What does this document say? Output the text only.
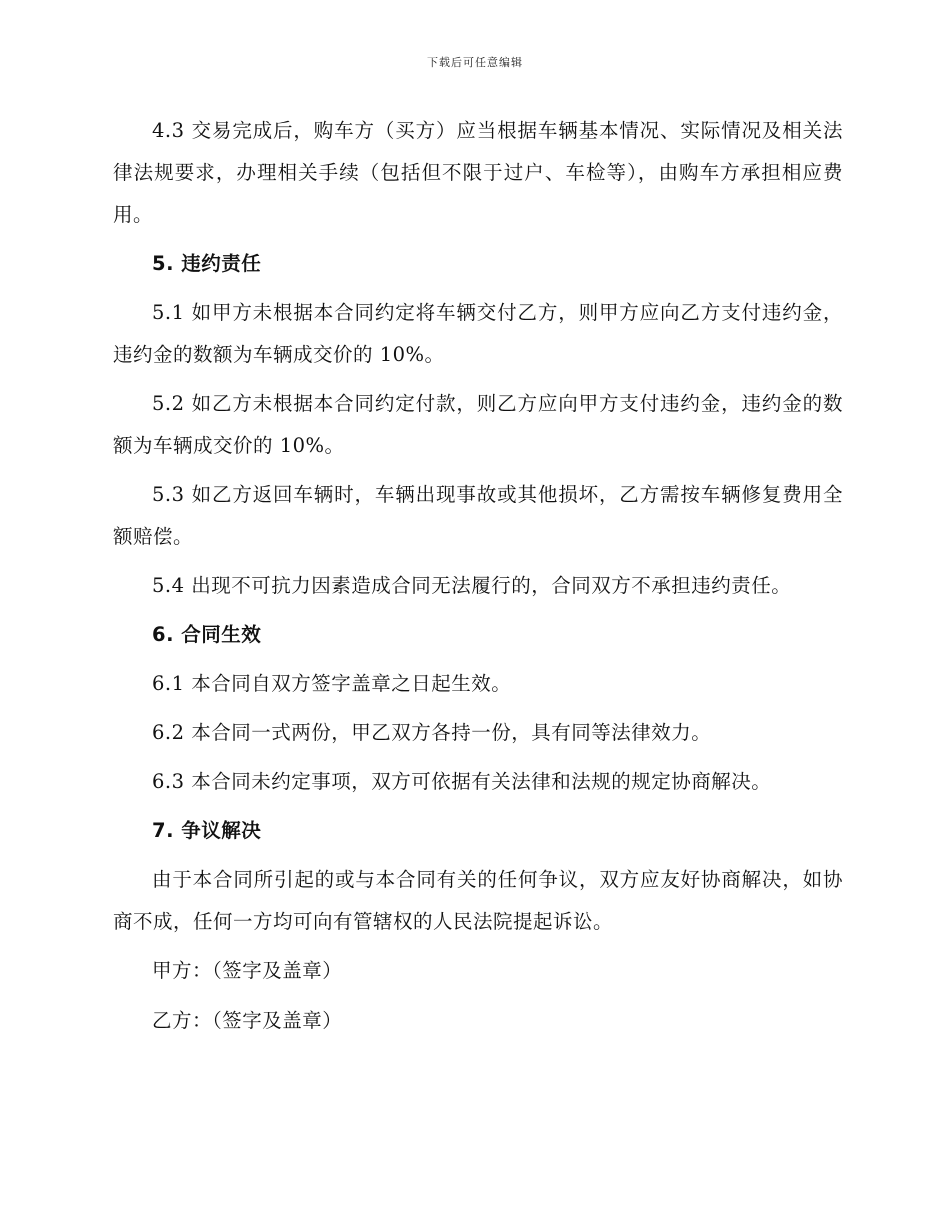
下载后可任意编辑

4.3 交易完成后，购车方（买方）应当根据车辆基本情况、实际情况及相关法律法规要求，办理相关手续（包括但不限于过户、车检等），由购车方承担相应费用。

5. 违约责任

5.1 如甲方未根据本合同约定将车辆交付乙方，则甲方应向乙方支付违约金，违约金的数额为车辆成交价的 10%。

5.2 如乙方未根据本合同约定付款，则乙方应向甲方支付违约金，违约金的数额为车辆成交价的 10%。

5.3 如乙方返回车辆时，车辆出现事故或其他损坏，乙方需按车辆修复费用全额赔偿。

5.4 出现不可抗力因素造成合同无法履行的，合同双方不承担违约责任。

6. 合同生效

6.1 本合同自双方签字盖章之日起生效。

6.2 本合同一式两份，甲乙双方各持一份，具有同等法律效力。

6.3 本合同未约定事项，双方可依据有关法律和法规的规定协商解决。

7. 争议解决

由于本合同所引起的或与本合同有关的任何争议，双方应友好协商解决，如协商不成，任何一方均可向有管辖权的人民法院提起诉讼。

甲方：（签字及盖章）

乙方：（签字及盖章）
